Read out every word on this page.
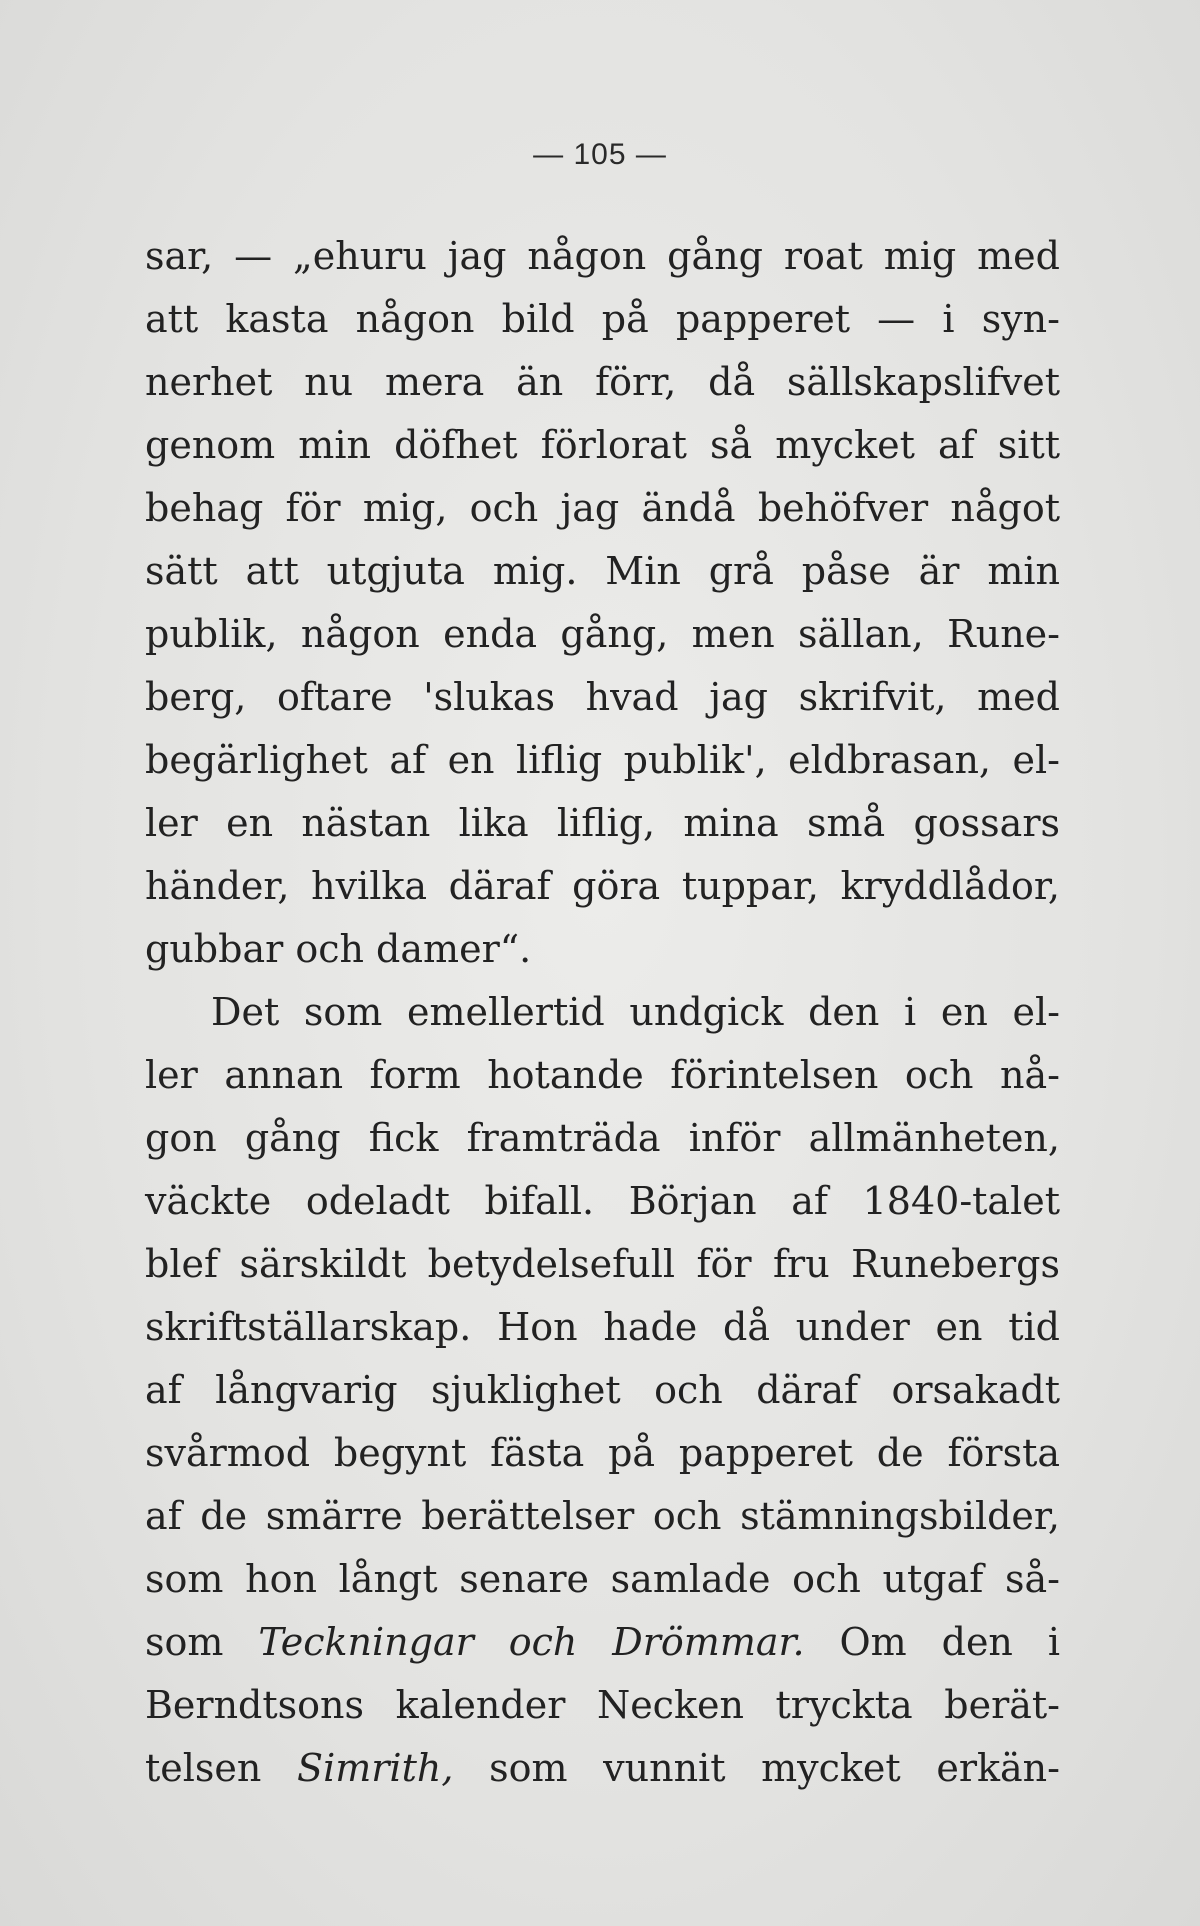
— 105 —
sar, — „ehuru jag någon gång roat mig med
att kasta någon bild på papperet — i syn-
nerhet nu mera än förr, då sällskapslifvet
genom min döfhet förlorat så mycket af sitt
behag för mig, och jag ändå behöfver något
sätt att utgjuta mig. Min grå påse är min
publik, någon enda gång, men sällan, Rune-
berg, oftare 'slukas hvad jag skrifvit, med
begärlighet af en liflig publik', eldbrasan, el-
ler en nästan lika liflig, mina små gossars
händer, hvilka däraf göra tuppar, kryddlådor,
gubbar och damer“.
Det som emellertid undgick den i en el-
ler annan form hotande förintelsen och nå-
gon gång fick framträda inför allmänheten,
väckte odeladt bifall. Början af 1840-talet
blef särskildt betydelsefull för fru Runebergs
skriftställarskap. Hon hade då under en tid
af långvarig sjuklighet och däraf orsakadt
svårmod begynt fästa på papperet de första
af de smärre berättelser och stämningsbilder,
som hon långt senare samlade och utgaf så-
som Teckningar och Drömmar. Om den i
Berndtsons kalender Necken tryckta berät-
telsen Simrith, som vunnit mycket erkän-
